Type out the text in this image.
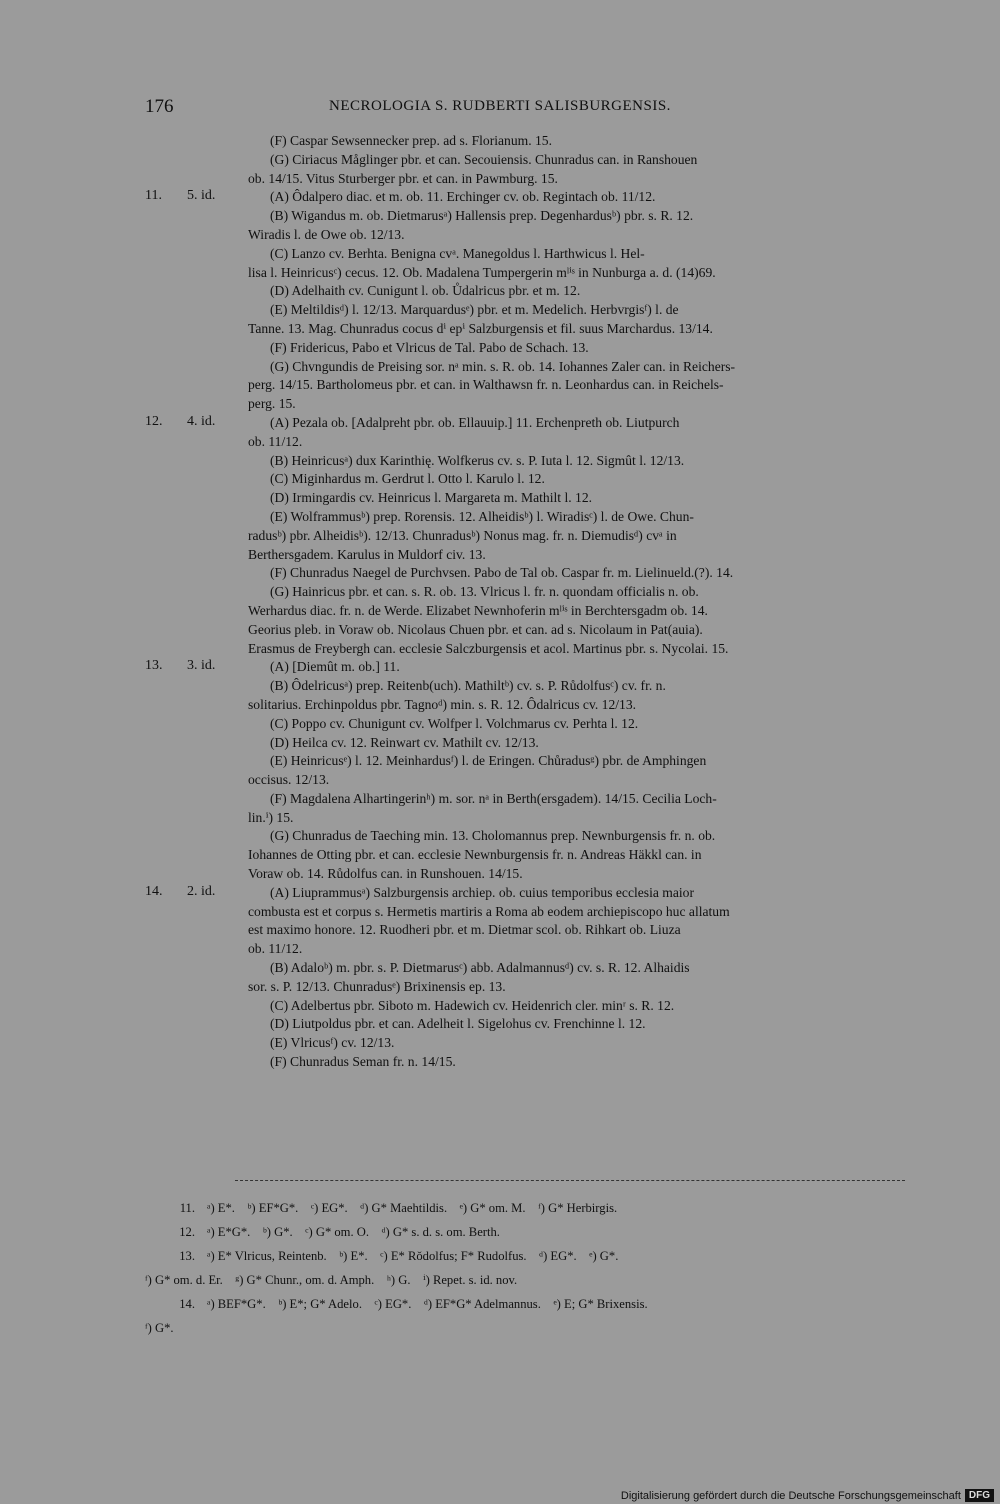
176	NECROLOGIA S. RUDBERTI SALISBURGENSIS.
(F) Caspar Sewsennecker prep. ad s. Florianum. 15.
(G) Ciriacus Måglinger pbr. et can. Secouiensis. Chunradus can. in Ranshouen
ob. 14/15. Vitus Sturberger pbr. et can. in Pawmburg. 15.
11. 5. id.	(A) Ôdalpero diac. et m. ob. 11. Erchinger cv. ob. Regintach ob. 11/12.
(B) Wigandus m. ob. Dietmarusᵃ) Hallensis prep. Degenhardusᵇ) pbr. s. R. 12.
Wiradis l. de Owe ob. 12/13.
(C) Lanzo cv. Berhta. Benigna cvᵃ. Manegoldus l. Harthwicus l. Hel-
lisa l. Heinricusᶜ) cecus. 12. Ob. Madalena Tumpergerin mˡⁱˢ in Nunburga a. d. (14)69.
(D) Adelhaith cv. Cunigunt l. ob. Ůdalricus pbr. et m. 12.
(E) Meltildisᵈ) l. 12/13. Marquardusᵉ) pbr. et m. Medelich. Herbvrgisᶠ) l. de
Tanne. 13. Mag. Chunradus cocus dⁱ epⁱ Salzburgensis et fil. suus Marchardus. 13/14.
(F) Fridericus, Pabo et Vlricus de Tal. Pabo de Schach. 13.
(G) Chvngundis de Preising sor. nᵃ min. s. R. ob. 14. Iohannes Zaler can. in Reichers-
perg. 14/15. Bartholomeus pbr. et can. in Walthawsn fr. n. Leonhardus can. in Reichels-
perg. 15.
12. 4. id.	(A) Pezala ob. [Adalpreht pbr. ob. Ellauuip.] 11. Erchenpreth ob. Liutpurch
ob. 11/12.
(B) Heinricusᵃ) dux Karinthię. Wolfkerus cv. s. P. Iuta l. 12. Sigmût l. 12/13.
(C) Miginhardus m. Gerdrut l. Otto l. Karulo l. 12.
(D) Irmingardis cv. Heinricus l. Margareta m. Mathilt l. 12.
(E) Wolframmusᵇ) prep. Rorensis. 12. Alheidisᵇ) l. Wiradisᶜ) l. de Owe. Chun-
radusᵇ) pbr. Alheidisᵇ). 12/13. Chunradusᵇ) Nonus mag. fr. n. Diemudisᵈ) cvᵃ in
Berthersgadem. Karulus in Muldorf civ. 13.
(F) Chunradus Naegel de Purchvsen. Pabo de Tal ob. Caspar fr. m. Lielinueld.(?). 14.
(G) Hainricus pbr. et can. s. R. ob. 13. Vlricus l. fr. n. quondam officialis n. ob.
Werhardus diac. fr. n. de Werde. Elizabet Newnhoferin mˡⁱˢ in Berchtersgadm ob. 14.
Georius pleb. in Voraw ob. Nicolaus Chuen pbr. et can. ad s. Nicolaum in Pat(auia).
Erasmus de Freybergh can. ecclesie Salczburgensis et acol. Martinus pbr. s. Nycolai. 15.
13. 3. id.	(A) [Diemût m. ob.] 11.
(B) Ôdelricusᵃ) prep. Reitenb(uch). Mathiltᵇ) cv. s. P. Růdolfusᶜ) cv. fr. n.
solitarius. Erchinpoldus pbr. Tagnoᵈ) min. s. R. 12. Ôdalricus cv. 12/13.
(C) Poppo cv. Chunigunt cv. Wolfper l. Volchmarus cv. Perhta l. 12.
(D) Heilca cv. 12. Reinwart cv. Mathilt cv. 12/13.
(E) Heinricusᵉ) l. 12. Meinhardusᶠ) l. de Eringen. Chůradusᵍ) pbr. de Amphingen
occisus. 12/13.
(F) Magdalena Alhartingerinʰ) m. sor. nᵃ in Berth(ersgadem). 14/15. Cecilia Loch-
lin.ⁱ) 15.
(G) Chunradus de Taeching min. 13. Cholomannus prep. Newnburgensis fr. n. ob.
Iohannes de Otting pbr. et can. ecclesie Newnburgensis fr. n. Andreas Häkkl can. in
Voraw ob. 14. Růdolfus can. in Runshouen. 14/15.
14. 2. id.	(A) Liuprammusᵃ) Salzburgensis archiep. ob. cuius temporibus ecclesia maior
combusta est et corpus s. Hermetis martiris a Roma ab eodem archiepiscopo huc allatum
est maximo honore. 12. Ruodheri pbr. et m. Dietmar scol. ob. Rihkart ob. Liuza
ob. 11/12.
(B) Adaloᵇ) m. pbr. s. P. Dietmarusᶜ) abb. Adalmannusᵈ) cv. s. R. 12. Alhaidis
sor. s. P. 12/13. Chunradusᵉ) Brixinensis ep. 13.
(C) Adelbertus pbr. Siboto m. Hadewich cv. Heidenrich cler. minʳ s. R. 12.
(D) Liutpoldus pbr. et can. Adelheit l. Sigelohus cv. Frenchinne l. 12.
(E) Vlricusᶠ) cv. 12/13.
(F) Chunradus Seman fr. n. 14/15.
11. ᵃ) E*.    ᵇ) EF*G*.    ᶜ) EG*.    ᵈ) G* Maehtildis.    ᵉ) G* om. M.    ᶠ) G* Herbirgis.
12. ᵃ) E*G*.    ᵇ) G*.    ᶜ) G* om. O.    ᵈ) G* s. d. s. om. Berth.
13. ᵃ) E* Vlricus, Reintenb.    ᵇ) E*.    ᶜ) E* Rǒdolfus; F* Rudolfus.    ᵈ) EG*.    ᵉ) G*.
ᶠ) G* om. d. Er.    ᵍ) G* Chunr., om. d. Amph.    ʰ) G.    ⁱ) Repet. s. id. nov.
14. ᵃ) BEF*G*.    ᵇ) E*; G* Adelo.    ᶜ) EG*.    ᵈ) EF*G* Adelmannus.    ᵉ) E; G* Brixensis.
ᶠ) G*.
Digitalisierung gefördert durch die Deutsche Forschungsgemeinschaft DFG
